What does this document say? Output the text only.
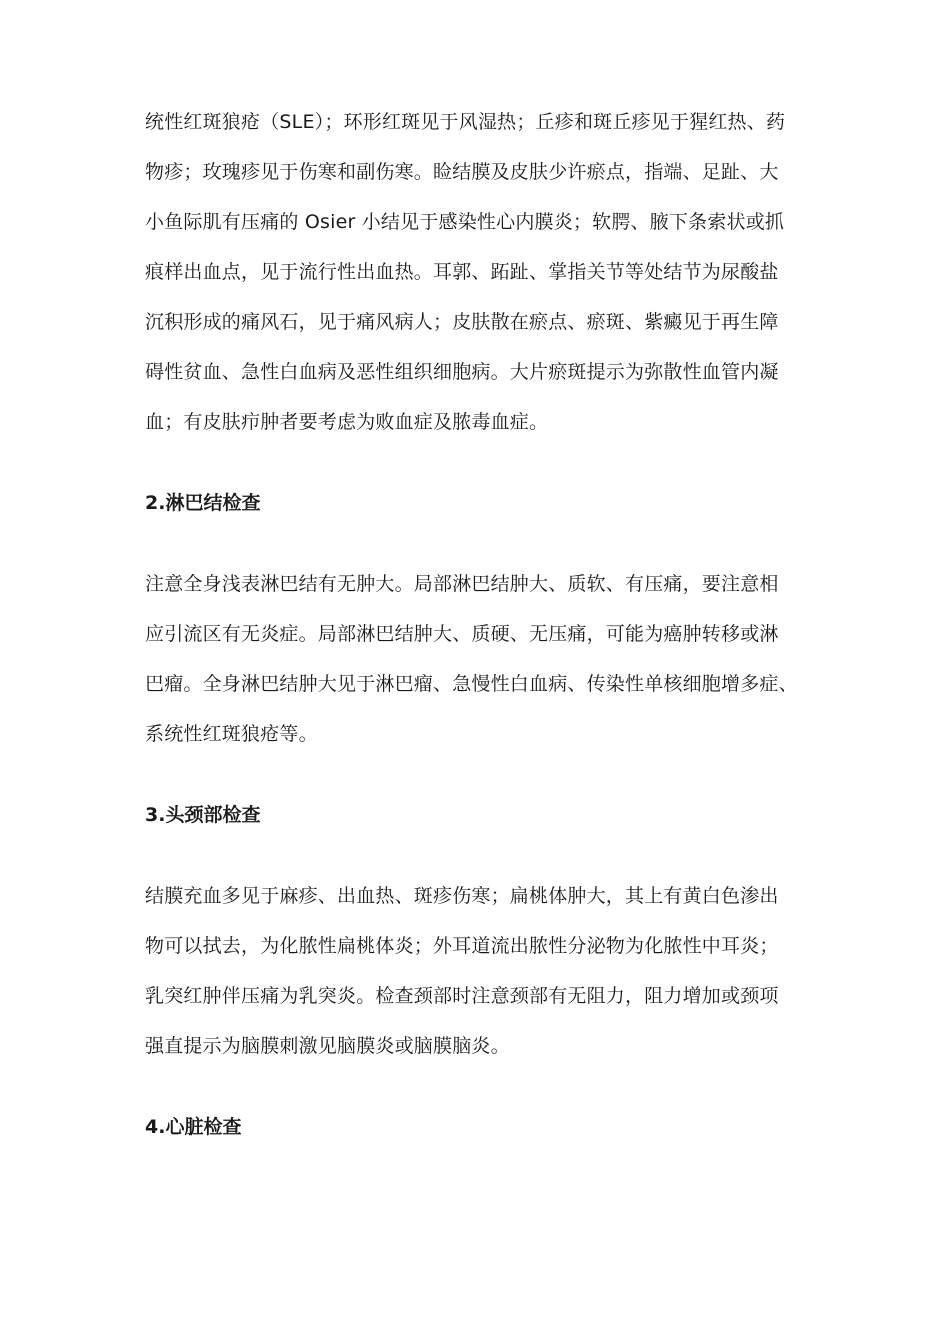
统性红斑狼疮（SLE）；环形红斑见于风湿热；丘疹和斑丘疹见于猩红热、药
物疹；玫瑰疹见于伤寒和副伤寒。睑结膜及皮肤少许瘀点，指端、足趾、大
小鱼际肌有压痛的 Osier 小结见于感染性心内膜炎；软腭、腋下条索状或抓
痕样出血点，见于流行性出血热。耳郭、跖趾、掌指关节等处结节为尿酸盐
沉积形成的痛风石，见于痛风病人；皮肤散在瘀点、瘀斑、紫癜见于再生障
碍性贫血、急性白血病及恶性组织细胞病。大片瘀斑提示为弥散性血管内凝
血；有皮肤疖肿者要考虑为败血症及脓毒血症。

2.淋巴结检查

注意全身浅表淋巴结有无肿大。局部淋巴结肿大、质软、有压痛，要注意相
应引流区有无炎症。局部淋巴结肿大、质硬、无压痛，可能为癌肿转移或淋
巴瘤。全身淋巴结肿大见于淋巴瘤、急慢性白血病、传染性单核细胞增多症、
系统性红斑狼疮等。

3.头颈部检查

结膜充血多见于麻疹、出血热、斑疹伤寒；扁桃体肿大，其上有黄白色渗出
物可以拭去，为化脓性扁桃体炎；外耳道流出脓性分泌物为化脓性中耳炎；
乳突红肿伴压痛为乳突炎。检查颈部时注意颈部有无阻力，阻力增加或颈项
强直提示为脑膜刺激见脑膜炎或脑膜脑炎。

4.心脏检查
